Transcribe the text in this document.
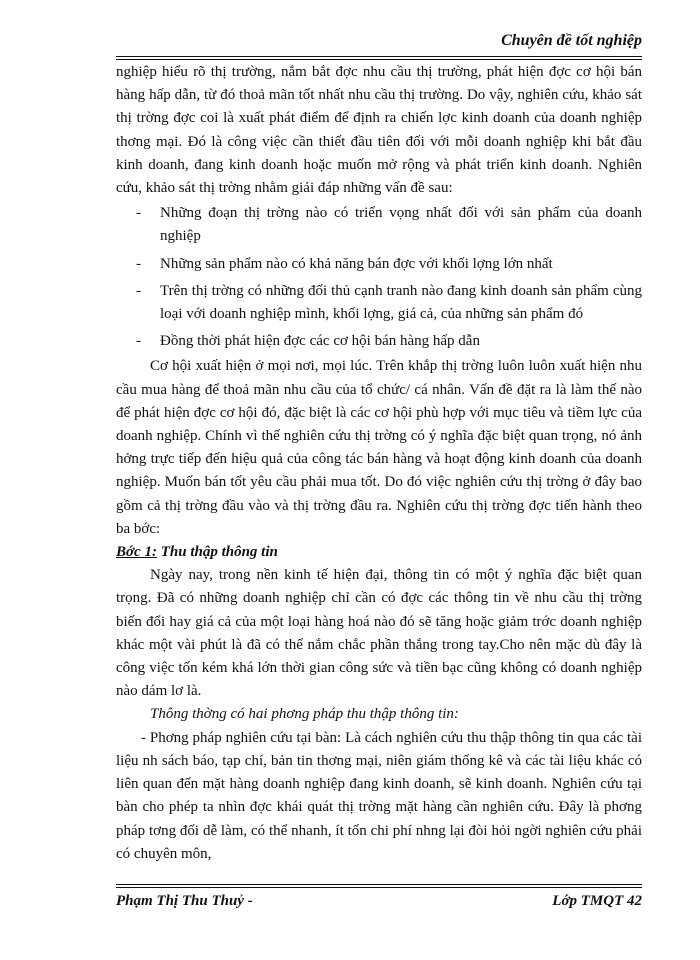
Chuyên đề tốt nghiệp

nghiệp hiểu rõ thị trường, nắm bắt đợc nhu cầu thị trường, phát hiện đợc cơ hội bán hàng hấp dẫn, từ đó thoả mãn tốt nhất nhu cầu thị trường. Do vậy, nghiên cứu, khảo sát thị trờng đợc coi là xuất phát điểm để định ra chiến lợc kinh doanh của doanh nghiệp thơng mại. Đó là công việc cần thiết đầu tiên đối với mỗi doanh nghiệp khi bắt đầu kinh doanh, đang kinh doanh hoặc muốn mở rộng và phát triển kinh doanh. Nghiên cứu, khảo sát thị trờng nhằm giải đáp những vấn đề sau:

- Những đoạn thị trờng nào có triển vọng nhất đối với sản phẩm của doanh nghiệp
- Những sản phẩm nào có khả năng bán đợc với khối lợng lớn nhất
- Trên thị trờng có những đối thủ cạnh tranh nào đang kinh doanh sản phẩm cùng loại với doanh nghiệp mình, khối lợng, giá cả, của những sản phẩm đó
- Đồng thời phát hiện đợc các cơ hội bán hàng hấp dẫn

Cơ hội xuất hiện ở mọi nơi, mọi lúc. Trên khắp thị trờng luôn luôn xuất hiện nhu cầu mua hàng để thoả mãn nhu cầu của tổ chức/ cá nhân. Vấn đề đặt ra là làm thế nào để phát hiện đợc cơ hội đó, đặc biệt là các cơ hội phù hợp với mục tiêu và tiềm lực của doanh nghiệp. Chính vì thế nghiên cứu thị trờng có ý nghĩa đặc biệt quan trọng, nó ảnh hởng trực tiếp đến hiệu quả của công tác bán hàng và hoạt động kinh doanh của doanh nghiệp. Muốn bán tốt yêu cầu phải mua tốt. Do đó việc nghiên cứu thị trờng ở đây bao gồm cả thị trờng đầu vào và thị trờng đầu ra. Nghiên cứu thị trờng đợc tiến hành theo ba bớc:

Bớc 1: Thu thập thông tin

Ngày nay, trong nền kinh tế hiện đại, thông tin có một ý nghĩa đặc biệt quan trọng. Đã có những doanh nghiệp chỉ cần có đợc các thông tin về nhu cầu thị trờng biến đổi hay giá cả của một loại hàng hoá nào đó sẽ tăng hoặc giảm trớc doanh nghiệp khác một vài phút là đã có thể nắm chắc phần thắng trong tay.Cho nên mặc dù đây là công việc tốn kém khá lớn thời gian công sức và tiền bạc cũng không có doanh nghiệp nào dám lơ là.

Thông thờng có hai phơng pháp thu thập thông tin:

- Phơng pháp nghiên cứu tại bàn: Là cách nghiên cứu thu thập thông tin qua các tài liệu nh sách báo, tạp chí, bản tin thơng mại, niên giám thống kê và các tài liệu khác có liên quan đến mặt hàng doanh nghiệp đang kinh doanh, sẽ kinh doanh. Nghiên cứu tại bàn cho phép ta nhìn đợc khái quát thị trờng mặt hàng cần nghiên cứu. Đây là phơng pháp tơng đối dễ làm, có thể nhanh, ít tốn chi phí nhng lại đòi hỏi ngời nghiên cứu phải có chuyên môn,

Phạm Thị Thu Thuỷ -	Lớp TMQT 42
